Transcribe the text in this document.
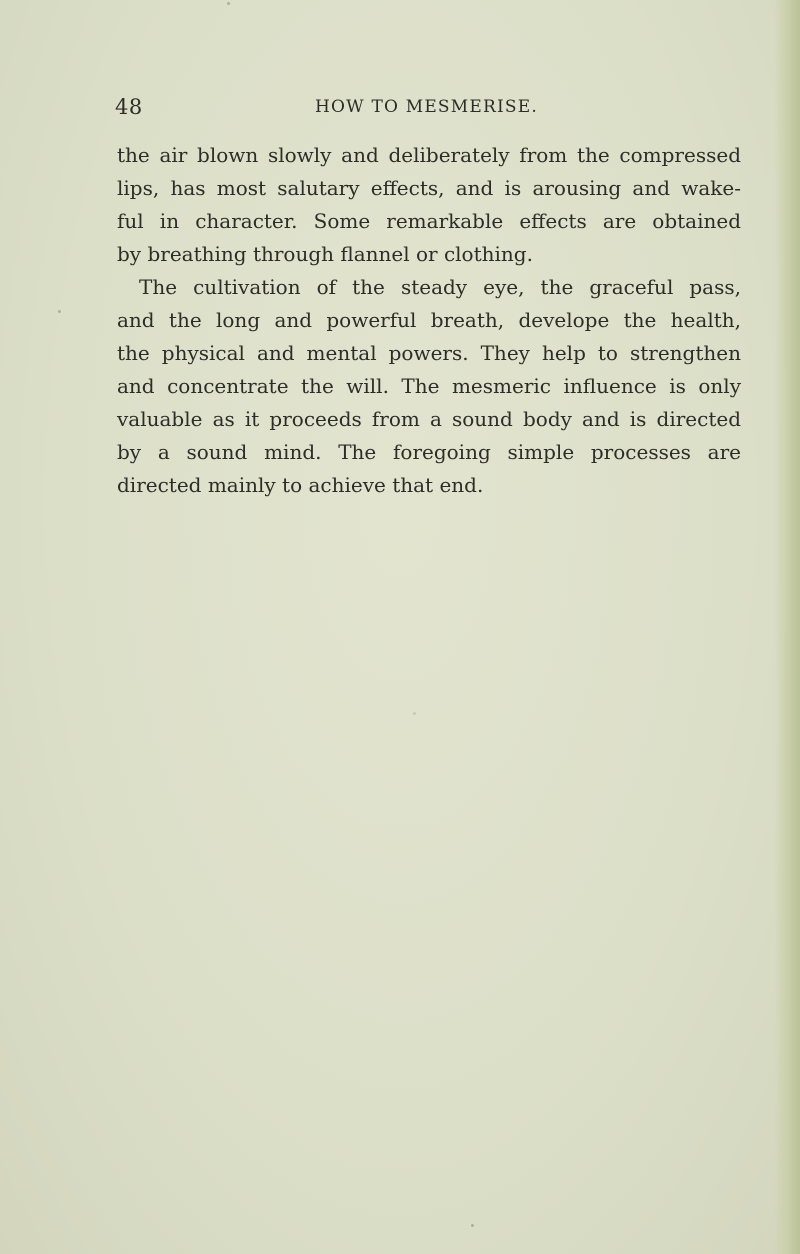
48	HOW TO MESMERISE.
the air blown slowly and deliberately from the compressed
lips, has most salutary effects, and is arousing and wake-
ful in character. Some remarkable effects are obtained
by breathing through flannel or clothing.
The cultivation of the steady eye, the graceful pass,
and the long and powerful breath, develope the health,
the physical and mental powers. They help to strengthen
and concentrate the will. The mesmeric influence is only
valuable as it proceeds from a sound body and is directed
by a sound mind. The foregoing simple processes are
directed mainly to achieve that end.
